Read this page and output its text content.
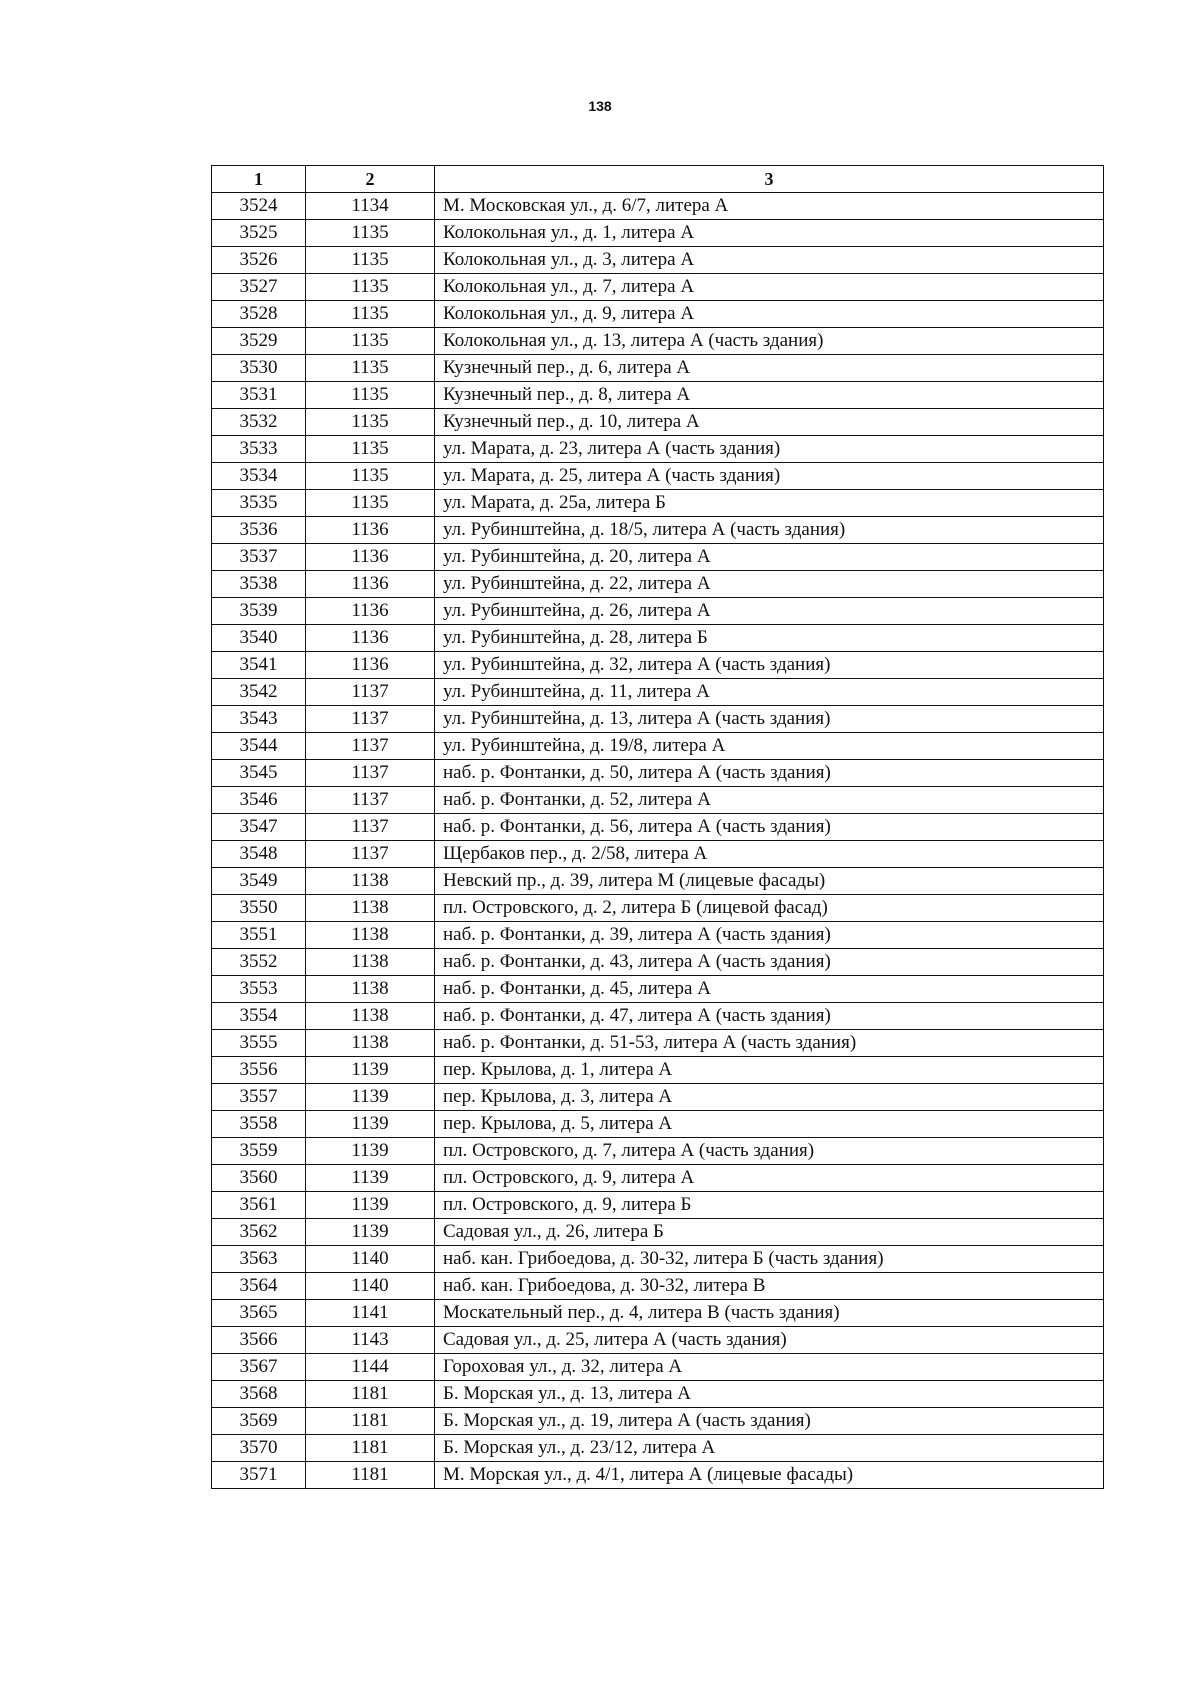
138
1	2	3
3524	1134	М. Московская ул., д. 6/7, литера А
3525	1135	Колокольная ул., д. 1, литера А
3526	1135	Колокольная ул., д. 3, литера А
3527	1135	Колокольная ул., д. 7, литера А
3528	1135	Колокольная ул., д. 9, литера А
3529	1135	Колокольная ул., д. 13, литера А (часть здания)
3530	1135	Кузнечный пер., д. 6, литера А
3531	1135	Кузнечный пер., д. 8, литера А
3532	1135	Кузнечный пер., д. 10, литера А
3533	1135	ул. Марата, д. 23, литера А (часть здания)
3534	1135	ул. Марата, д. 25, литера А (часть здания)
3535	1135	ул. Марата, д. 25а, литера Б
3536	1136	ул. Рубинштейна, д. 18/5, литера А (часть здания)
3537	1136	ул. Рубинштейна, д. 20, литера А
3538	1136	ул. Рубинштейна, д. 22, литера А
3539	1136	ул. Рубинштейна, д. 26, литера А
3540	1136	ул. Рубинштейна, д. 28, литера Б
3541	1136	ул. Рубинштейна, д. 32, литера А (часть здания)
3542	1137	ул. Рубинштейна, д. 11, литера А
3543	1137	ул. Рубинштейна, д. 13, литера А (часть здания)
3544	1137	ул. Рубинштейна, д. 19/8, литера А
3545	1137	наб. р. Фонтанки, д. 50, литера А (часть здания)
3546	1137	наб. р. Фонтанки, д. 52, литера А
3547	1137	наб. р. Фонтанки, д. 56, литера А (часть здания)
3548	1137	Щербаков пер., д. 2/58, литера А
3549	1138	Невский пр., д. 39, литера М (лицевые фасады)
3550	1138	пл. Островского, д. 2, литера Б (лицевой фасад)
3551	1138	наб. р. Фонтанки, д. 39, литера А (часть здания)
3552	1138	наб. р. Фонтанки, д. 43, литера А (часть здания)
3553	1138	наб. р. Фонтанки, д. 45, литера А
3554	1138	наб. р. Фонтанки, д. 47, литера А (часть здания)
3555	1138	наб. р. Фонтанки, д. 51-53, литера А (часть здания)
3556	1139	пер. Крылова, д. 1, литера А
3557	1139	пер. Крылова, д. 3, литера А
3558	1139	пер. Крылова, д. 5, литера А
3559	1139	пл. Островского, д. 7, литера А (часть здания)
3560	1139	пл. Островского, д. 9, литера А
3561	1139	пл. Островского, д. 9, литера Б
3562	1139	Садовая ул., д. 26, литера Б
3563	1140	наб. кан. Грибоедова, д. 30-32, литера Б (часть здания)
3564	1140	наб. кан. Грибоедова, д. 30-32, литера В
3565	1141	Москательный пер., д. 4, литера В (часть здания)
3566	1143	Садовая ул., д. 25, литера А (часть здания)
3567	1144	Гороховая ул., д. 32, литера А
3568	1181	Б. Морская ул., д. 13, литера А
3569	1181	Б. Морская ул., д. 19, литера А (часть здания)
3570	1181	Б. Морская ул., д. 23/12, литера А
3571	1181	М. Морская ул., д. 4/1, литера А (лицевые фасады)
